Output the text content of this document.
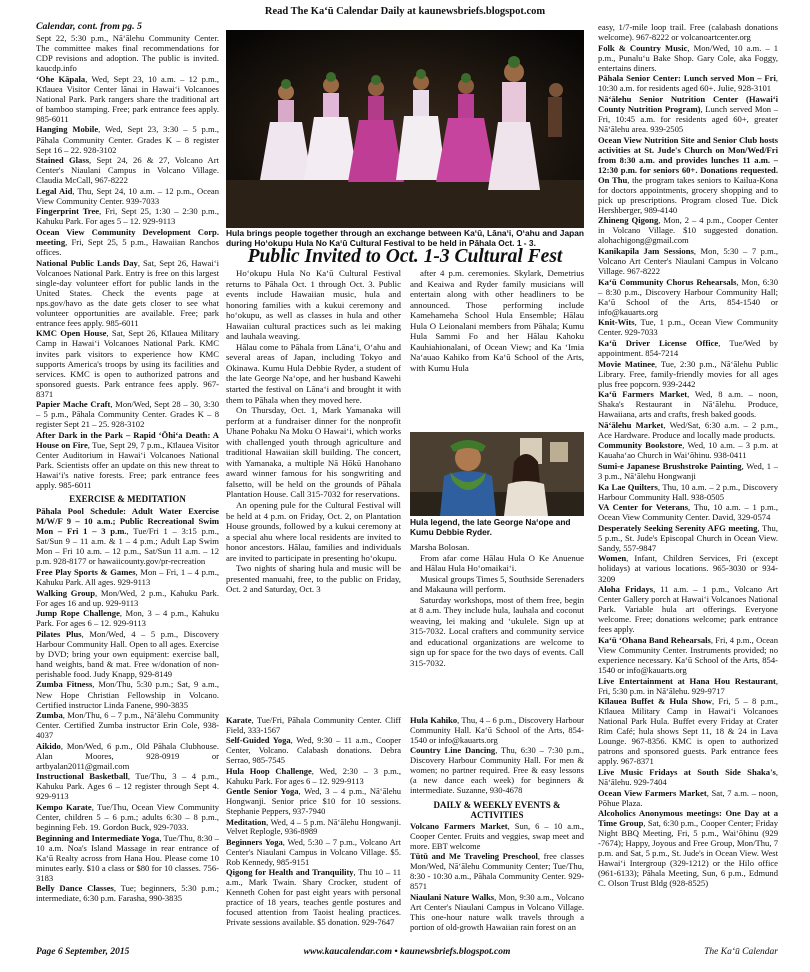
Read The Ka‘ū Calendar Daily at kaunewsbriefs.blogspot.com

Calendar, cont. from pg. 5

Sept 22, 5:30 p.m., Nā‘ālehu Community Center. The committee makes final recommendations for CDP revisions and adoption. The public is invited. kaucdp.info

‘Ohe Kāpala, Wed, Sept 23, 10 a.m. – 12 p.m., Kīlauea Visitor Center lānai in Hawai‘i Volcanoes National Park. Park rangers share the traditional art of bamboo stamping. Free; park entrance fees apply. 985-6011

Hanging Mobile, Wed, Sept 23, 3:30 – 5 p.m., Pāhala Community Center. Grades K – 8 register Sept 16 – 22. 928-3102

Stained Glass, Sept 24, 26 & 27, Volcano Art Center's Niaulani Campus in Volcano Village. Claudia McCall, 967-8222

Legal Aid, Thu, Sept 24, 10 a.m. – 12 p.m., Ocean View Community Center. 939-7033

Fingerprint Tree, Fri, Sept 25, 1:30 – 2:30 p.m., Kahuku Park. For ages 5 – 12. 929-9113

Ocean View Community Development Corp. meeting, Fri, Sept 25, 5 p.m., Hawaiian Ranchos offices.

National Public Lands Day, Sat, Sept 26, Hawai‘i Volcanoes National Park. Entry is free on this largest single-day volunteer effort for public lands in the United States. Check the events page at nps.gov/havo as the date gets closer to see what volunteer opportunities are available. Free; park entrance fees apply. 985-6011

KMC Open House, Sat, Sept 26, Kīlauea Military Camp in Hawai‘i Volcanoes National Park. KMC invites park visitors to experience how KMC supports America's troops by using its facilities and services. KMC is open to authorized patrons and sponsored guests. Park entrance fees apply. 967-8371

Papier Mache Craft, Mon/Wed, Sept 28 – 30, 3:30 – 5 p.m., Pāhala Community Center. Grades K – 8 register Sept 21 – 25. 928-3102

After Dark in the Park – Rapid ‘Ōhi‘a Death: A House on Fire, Tue, Sept 29, 7 p.m., Kīlauea Visitor Center Auditorium in Hawai‘i Volcanoes National Park. Scientists offer an update on this new threat to Hawai‘i's native forests. Free; park entrance fees apply. 985-6011

EXERCISE & MEDITATION

Pāhala Pool Schedule: Adult Water Exercise M/W/F 9 – 10 a.m.; Public Recreational Swim Mon – Fri 1 – 3 p.m., Tue/Fri 1 – 3:15 p.m., Sat/Sun 9 – 11 a.m. & 1 – 4 p.m.; Adult Lap Swim Mon – Fri 10 a.m. – 12 p.m., Sat/Sun 11 a.m. – 12 p.m. 928-8177 or hawaiicounty.gov/pr-recreation

Free Play Sports & Games, Mon – Fri, 1 – 4 p.m., Kahuku Park. All ages. 929-9113

Walking Group, Mon/Wed, 2 p.m., Kahuku Park. For ages 16 and up. 929-9113

Jump Rope Challenge, Mon, 3 – 4 p.m., Kahuku Park. For ages 6 – 12. 929-9113

Pilates Plus, Mon/Wed, 4 – 5 p.m., Discovery Harbour Community Hall. Open to all ages. Exercise by DVD; bring your own equipment: exercise ball, hand weights, band & mat. Free w/donation of non-perishable food. Judy Knapp, 929-8149

Zumba Fitness, Mon/Thu, 5:30 p.m.; Sat, 9 a.m., New Hope Christian Fellowship in Volcano. Certified instructor Linda Fanene, 990-3835

Zumba, Mon/Thu, 6 – 7 p.m., Nā‘ālehu Community Center. Certified Zumba instructor Erin Cole, 938-4037

Aikido, Mon/Wed, 6 p.m., Old Pāhala Clubhouse. Alan Moores, 928-0919 or artbyalan2011@gmail.com

Instructional Basketball, Tue/Thu, 3 – 4 p.m., Kahuku Park. Ages 6 – 12 register through Sept 4. 929-9113

Kempo Karate, Tue/Thu, Ocean View Community Center, children 5 – 6 p.m.; adults 6:30 – 8 p.m., beginning Feb. 19. Gordon Buck, 929-7033.

Beginning and Intermediate Yoga, Tue/Thu, 8:30 – 10 a.m. Noa's Island Massage in rear entrance of Ka‘ū Realty across from Hana Hou. Please come 10 minutes early. $10 a class or $80 for 10 classes. 756-3183

Belly Dance Classes, Tue; beginners, 5:30 p.m.; intermediate, 6:30 p.m. Farasha, 990-3835

Hula brings people together through an exchange between Ka‘ū, Lāna‘i, O‘ahu and Japan during Ho‘okupu Hula No Ka‘ū Cultural Festival to be held in Pāhala Oct. 1 - 3.
Public Invited to Oct. 1-3 Cultural Fest

Ho‘okupu Hula No Ka‘ū Cultural Festival returns to Pāhala Oct. 1 through Oct. 3. Public events include Hawaiian music, hula and honoring families with a kukui ceremony and ho‘okupu, as well as classes in hula and other Hawaiian cultural practices such as lei making and lauhala weaving.

Hālau come to Pāhala from Lāna‘i, O‘ahu and several areas of Japan, including Tokyo and Okinawa. Kumu Hula Debbie Ryder, a student of the late George Na‘ope, and her husband Kawehi started the festival on Lāna‘i and brought it with them to Pāhala when they moved here.

On Thursday, Oct. 1, Mark Yamanaka will perform at a fundraiser dinner for the nonprofit Uhane Pohaku Na Moku O Hawai‘i, which works with challenged youth through agriculture and traditional Hawaiian skill building. The concert, with Yamanaka, a multiple Nā Hōkū Hanohano award winner famous for his songwriting and falsetto, will be held on the grounds of Pāhala Plantation House. Call 315-7032 for reservations.

An opening pule for the Cultural Festival will be held at 4 p.m. on Friday, Oct. 2, on Plantation House grounds, followed by a kukui ceremony at a special ahu where local residents are invited to honor ancestors. Hālau, families and individuals are invited to participate in presenting ho‘okupu.

Two nights of sharing hula and music will be presented manuahi, free, to the public on Friday, Oct. 2 and Saturday, Oct. 3

after 4 p.m. ceremonies. Skylark, Demetrius and Keaiwa and Ryder family musicians will entertain along with other headliners to be announced. Those performing include Kamehameha School Hula Ensemble; Hālau Hula O Leionalani members from Pāhala; Kumu Hula Sammi Fo and her Hālau Kahoku Kauhiahionalani, of Ocean View; and Ka ‘Imia Na‘auao Kahiko from Ka‘ū School of the Arts, with Kumu Hula

Hula legend, the late George Na‘ope and Kumu Debbie Ryder.

Marsha Bolosan.

From afar come Hālau Hula O Ke Anuenue and Hālau Hula Ho‘omaikai‘i.

Musical groups Times 5, Southside Serenaders and Makauna will perform.

Saturday workshops, most of them free, begin at 8 a.m. They include hula, lauhala and coconut weaving, lei making and ‘ukulele. Sign up at 315-7032. Local crafters and community service and educational organizations are welcome to sign up for space for the two days of events. Call 315-7032.

Karate, Tue/Fri, Pāhala Community Center. Cliff Field, 333-1567

Self-Guided Yoga, Wed, 9:30 – 11 a.m., Cooper Center, Volcano. Calabash donations. Debra Serrao, 985-7545

Hula Hoop Challenge, Wed, 2:30 – 3 p.m., Kahuku Park. For ages 6 – 12. 929-9113

Gentle Senior Yoga, Wed, 3 – 4 p.m., Nā‘ālehu Hongwanji. Senior price $10 for 10 sessions. Stephanie Peppers, 937-7940

Meditation, Wed, 4 – 5 p.m. Nā‘ālehu Hongwanji. Velvet Replogle, 936-8989

Beginners Yoga, Wed, 5:30 – 7 p.m., Volcano Art Center's Niaulani Campus in Volcano Village. $5. Rob Kennedy, 985-9151

Qigong for Health and Tranquility, Thu 10 – 11 a.m., Mark Twain. Shary Crocker, student of Kenneth Cohen for past eight years with personal practice of 18 years, teaches gentle postures and focused attention from Taoist healing practices. Private sessions available. $5 donation. 929-7647

Hula Kahiko, Thu, 4 – 6 p.m., Discovery Harbour Community Hall. Ka‘ū School of the Arts, 854-1540 or info@kauarts.org

Country Line Dancing, Thu, 6:30 – 7:30 p.m., Discovery Harbour Community Hall. For men & women; no partner required. Free & easy lessons (a new dance each week) for beginners & intermediate. Suzanne, 930-4678

DAILY & WEEKLY EVENTS & ACTIVITIES

Volcano Farmers Market, Sun, 6 – 10 a.m., Cooper Center. Fruits and veggies, swap meet and more. EBT welcome

Tūtū and Me Traveling Preschool, free classes Mon/Wed, Nā‘ālehu Community Center; Tue/Thu, 8:30 - 10:30 a.m., Pāhala Community Center. 929-8571

Niaulani Nature Walks, Mon, 9:30 a.m., Volcano Art Center's Niaulani Campus in Volcano Village. This one-hour nature walk travels through a portion of old-growth Hawaiian rain forest on an

easy, 1/7-mile loop trail. Free (calabash donations welcome). 967-8222 or volcanoartcenter.org

Folk & Country Music, Mon/Wed, 10 a.m. – 1 p.m., Punalu‘u Bake Shop. Gary Cole, aka Foggy, entertains diners.

Pāhala Senior Center: Lunch served Mon – Fri, 10:30 a.m. for residents aged 60+. Julie, 928-3101

Nā‘ālehu Senior Nutrition Center (Hawai‘i County Nutrition Program), Lunch served Mon – Fri, 10:45 a.m. for residents aged 60+, greater Nā‘ālehu area. 939-2505

Ocean View Nutrition Site and Senior Club hosts activities at St. Jude's Church on Mon/Wed/Fri from 8:30 a.m. and provides lunches 11 a.m. – 12:30 p.m. for seniors 60+. Donations requested. On Thu, the program takes seniors to Kailua-Kona for doctors appointments, grocery shopping and to pick up prescriptions. Program closed Tue. Dick Hershberger, 989-4140

Zhineng Qigong, Mon, 2 – 4 p.m., Cooper Center in Volcano Village. $10 suggested donation. alohachigong@gmail.com

Kanikapila Jam Sessions, Mon, 5:30 – 7 p.m., Volcano Art Center's Niaulani Campus in Volcano Village. 967-8222

Ka‘ū Community Chorus Rehearsals, Mon, 6:30 – 8:30 p.m., Discovery Harbour Community Hall; Ka‘ū School of the Arts, 854-1540 or info@kauarts.org

Knit-Wits, Tue, 1 p.m., Ocean View Community Center. 929-7033

Ka‘ū Driver License Office, Tue/Wed by appointment. 854-7214

Movie Matinee, Tue, 2:30 p.m., Nā‘ālehu Public Library. Free, family-friendly movies for all ages plus free popcorn. 939-2442

Ka‘ū Farmers Market, Wed, 8 a.m. – noon, Shaka's Restaurant in Nā‘ālehu. Produce, Hawaiiana, arts and crafts, fresh baked goods.

Nā‘ālehu Market, Wed/Sat, 6:30 a.m. – 2 p.m., Ace Hardware. Produce and locally made products.

Community Bookstore, Wed, 10 a.m. – 3 p.m. at Kauaha‘ao Church in Wai‘ōhinu. 938-0411

Sumi-e Japanese Brushstroke Painting, Wed, 1 – 3 p.m., Nā‘ālehu Hongwanji

Ka Lae Quilters, Thu, 10 a.m. – 2 p.m., Discovery Harbour Community Hall. 938-0505

VA Center for Veterans, Thu, 10 a.m. – 1 p.m., Ocean View Community Center. David, 329-0574

Desperately Seeking Serenity AFG meeting, Thu, 5 p.m., St. Jude's Episcopal Church in Ocean View. Sandy, 557-9847

Women, Infant, Children Services, Fri (except holidays) at various locations. 965-3030 or 934-3209

Aloha Fridays, 11 a.m. – 1 p.m., Volcano Art Center Gallery porch at Hawai‘i Volcanoes National Park. Variable hula art offerings. Everyone welcome. Free; donations welcome; park entrance fees apply.

Ka‘ū ‘Ohana Band Rehearsals, Fri, 4 p.m., Ocean View Community Center. Instruments provided; no experience necessary. Ka‘ū School of the Arts, 854-1540 or info@kauarts.org

Live Entertainment at Hana Hou Restaurant, Fri, 5:30 p.m. in Nā‘ālehu. 929-9717

Kīlauea Buffet & Hula Show, Fri, 5 – 8 p.m., Kīlauea Military Camp in Hawai‘i Volcanoes National Park Hula. Buffet every Friday at Crater Rim Café; hula shows Sept 11, 18 & 24 in Lava Lounge. 967-8356. KMC is open to authorized patrons and sponsored guests. Park entrance fees apply. 967-8371

Live Music Fridays at South Side Shaka's, Nā‘ālehu. 929-7404

Ocean View Farmers Market, Sat, 7 a.m. – noon, Pōhue Plaza.

Alcoholics Anonymous meetings: One Day at a Time Group, Sat, 6:30 p.m., Cooper Center; Friday Night BBQ Meeting, Fri, 5 p.m., Wai‘ōhinu (929 -7674); Happy, Joyous and Free Group, Mon/Thu, 7 p.m. and Sat, 5 p.m., St. Jude's in Ocean View. West Hawai‘i Intergroup (329-1212) or the Hilo office (961-6133); Pāhala Meeting, Sun, 6 p.m., Edmund C. Olson Trust Bldg (928-8525)

Page 6 September, 2015	www.kaucalendar.com • kaunewsbriefs.blogspot.com	The Ka‘ū Calendar
